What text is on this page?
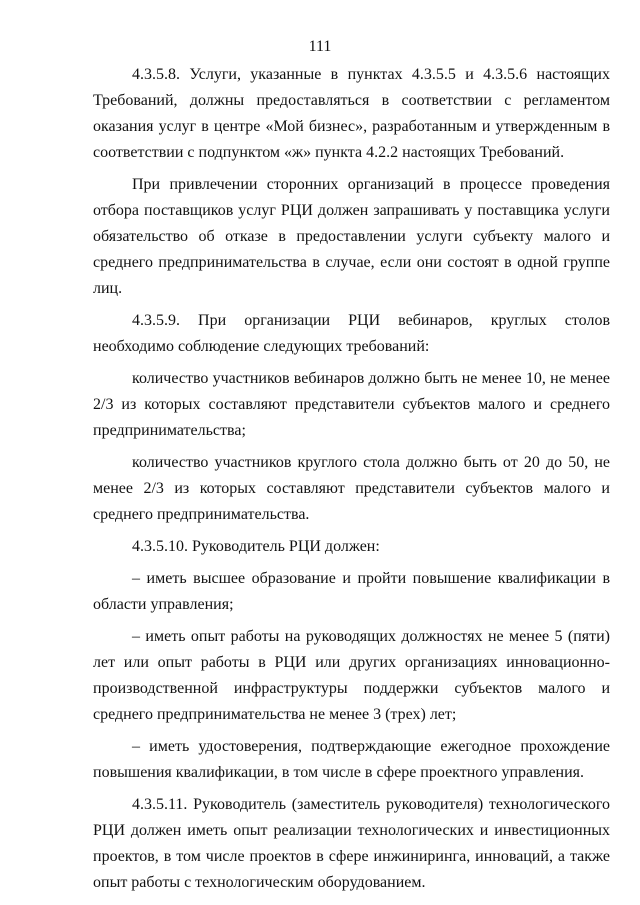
111

4.3.5.8. Услуги, указанные в пунктах 4.3.5.5 и 4.3.5.6 настоящих Требований, должны предоставляться в соответствии с регламентом оказания услуг в центре «Мой бизнес», разработанным и утвержденным в соответствии с подпунктом «ж» пункта 4.2.2 настоящих Требований.

При привлечении сторонних организаций в процессе проведения отбора поставщиков услуг РЦИ должен запрашивать у поставщика услуги обязательство об отказе в предоставлении услуги субъекту малого и среднего предпринимательства в случае, если они состоят в одной группе лиц.

4.3.5.9. При организации РЦИ вебинаров, круглых столов необходимо соблюдение следующих требований:

количество участников вебинаров должно быть не менее 10, не менее 2/3 из которых составляют представители субъектов малого и среднего предпринимательства;

количество участников круглого стола должно быть от 20 до 50, не менее 2/3 из которых составляют представители субъектов малого и среднего предпринимательства.

4.3.5.10. Руководитель РЦИ должен:

– иметь высшее образование и пройти повышение квалификации в области управления;

– иметь опыт работы на руководящих должностях не менее 5 (пяти) лет или опыт работы в РЦИ или других организациях инновационно-производственной инфраструктуры поддержки субъектов малого и среднего предпринимательства не менее 3 (трех) лет;

– иметь удостоверения, подтверждающие ежегодное прохождение повышения квалификации, в том числе в сфере проектного управления.

4.3.5.11. Руководитель (заместитель руководителя) технологического РЦИ должен иметь опыт реализации технологических и инвестиционных проектов, в том числе проектов в сфере инжиниринга, инноваций, а также опыт работы с технологическим оборудованием.
